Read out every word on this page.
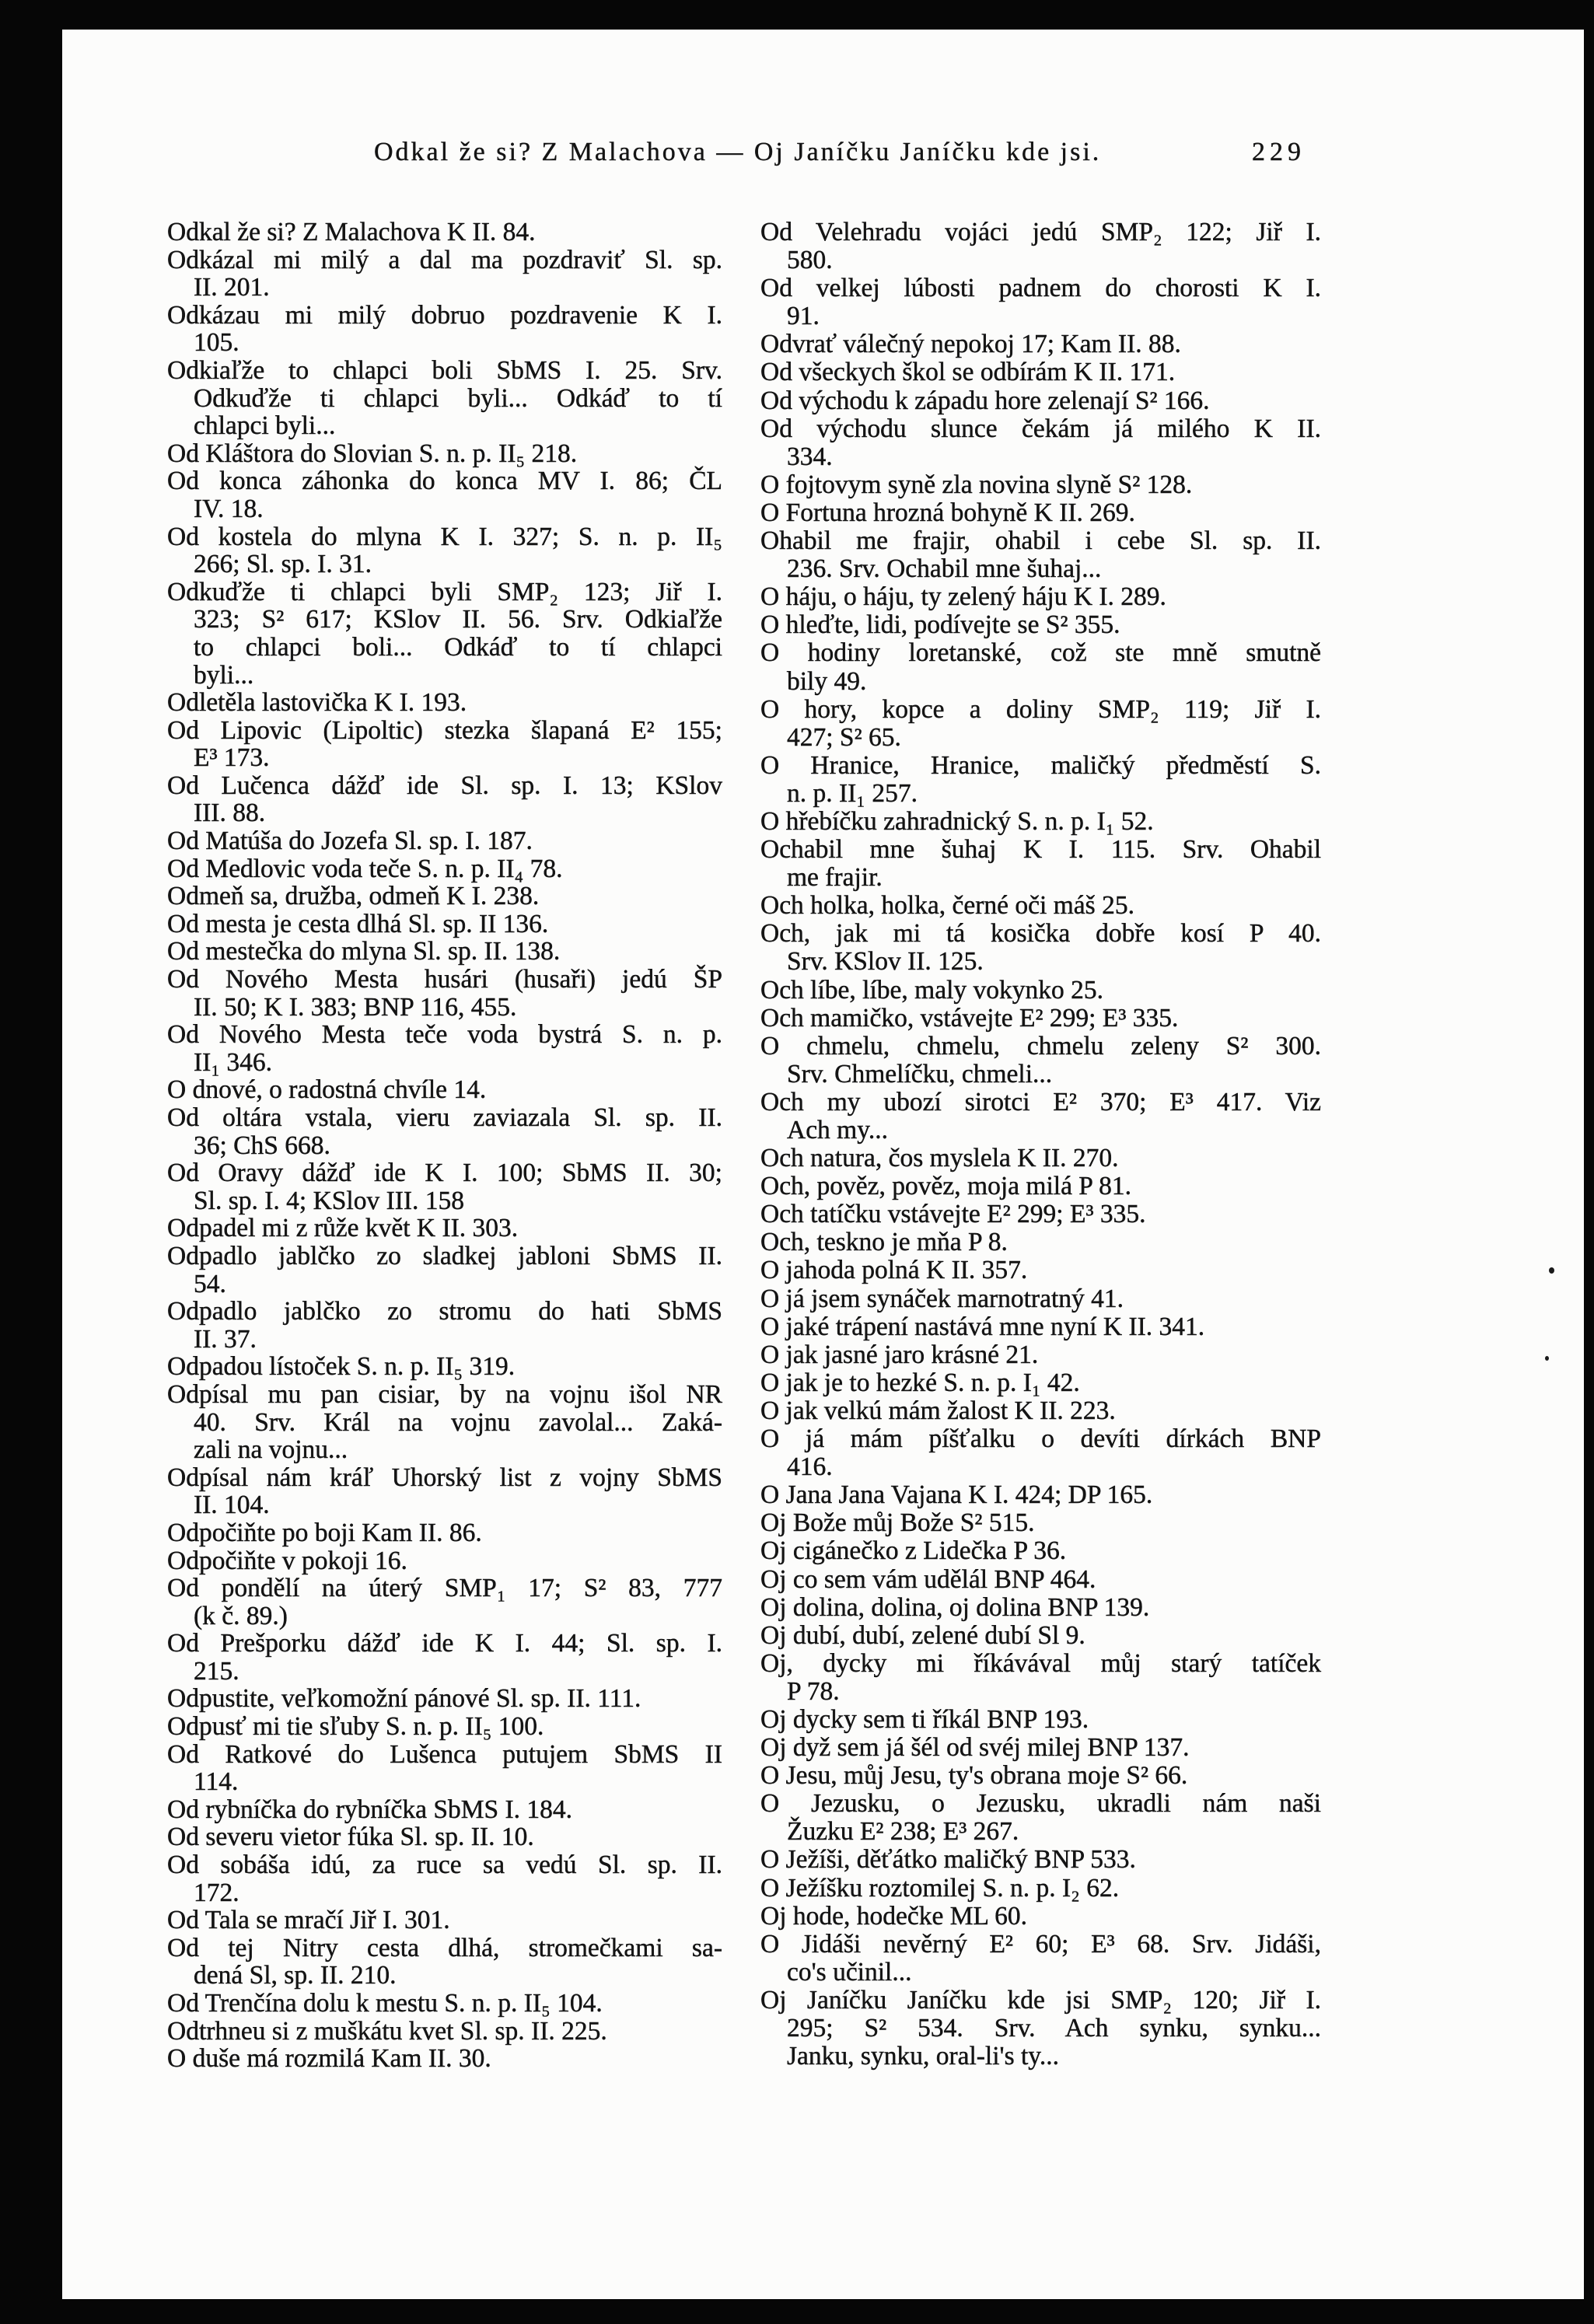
Odkal že si? Z Malachova — Oj Janíčku Janíčku kde jsi.	229
Odkal že si? Z Malachova K II. 84.
Odkázal mi milý a dal ma pozdraviť Sl. sp.
II. 201.
Odkázau mi milý dobruo pozdravenie K I.
105.
Odkiaľže to chlapci boli SbMS I. 25. Srv.
Odkuďže ti chlapci byli... Odkáď to tí
chlapci byli...
Od Kláštora do Slovian S. n. p. II₅ 218.
Od konca záhonka do konca MV I. 86; ČL
IV. 18.
Od kostela do mlyna K I. 327; S. n. p. II₅
266; Sl. sp. I. 31.
Odkuďže ti chlapci byli SMP₂ 123; Jiř I.
323; S² 617; KSlov II. 56. Srv. Odkiaľže
to chlapci boli... Odkáď to tí chlapci
byli...
Odletěla lastovička K I. 193.
Od Lipovic (Lipoltic) stezka šlapaná E² 155;
E³ 173.
Od Lučenca dážď ide Sl. sp. I. 13; KSlov
III. 88.
Od Matúša do Jozefa Sl. sp. I. 187.
Od Medlovic voda teče S. n. p. II₄ 78.
Odmeň sa, družba, odmeň K I. 238.
Od mesta je cesta dlhá Sl. sp. II 136.
Od mestečka do mlyna Sl. sp. II. 138.
Od Nového Mesta husári (husaři) jedú ŠP
II. 50; K I. 383; BNP 116, 455.
Od Nového Mesta teče voda bystrá S. n. p.
II₁ 346.
O dnové, o radostná chvíle 14.
Od oltára vstala, vieru zaviazala Sl. sp. II.
36; ChS 668.
Od Oravy dážď ide K I. 100; SbMS II. 30;
Sl. sp. I. 4; KSlov III. 158
Odpadel mi z růže květ K II. 303.
Odpadlo jablčko zo sladkej jabloni SbMS II.
54.
Odpadlo jablčko zo stromu do hati SbMS
II. 37.
Odpadou lístoček S. n. p. II₅ 319.
Odpísal mu pan cisiar, by na vojnu išol NR
40. Srv. Král na vojnu zavolal... Zaká-
zali na vojnu...
Odpísal nám kráľ Uhorský list z vojny SbMS
II. 104.
Odpočiňte po boji Kam II. 86.
Odpočiňte v pokoji 16.
Od pondělí na úterý SMP₁ 17; S² 83, 777
(k č. 89.)
Od Prešporku dážď ide K I. 44; Sl. sp. I.
215.
Odpustite, veľkomožní pánové Sl. sp. II. 111.
Odpusť mi tie sľuby S. n. p. II₅ 100.
Od Ratkové do Lušenca putujem SbMS II
114.
Od rybníčka do rybníčka SbMS I. 184.
Od severu vietor fúka Sl. sp. II. 10.
Od sobáša idú, za ruce sa vedú Sl. sp. II.
172.
Od Tala se mračí Jiř I. 301.
Od tej Nitry cesta dlhá, stromečkami sa-
dená Sl, sp. II. 210.
Od Trenčína dolu k mestu S. n. p. II₅ 104.
Odtrhneu si z muškátu kvet Sl. sp. II. 225.
O duše má rozmilá Kam II. 30.
Od Velehradu vojáci jedú SMP₂ 122; Jiř I.
580.
Od velkej lúbosti padnem do chorosti K I.
91.
Odvrať válečný nepokoj 17; Kam II. 88.
Od všeckych škol se odbírám K II. 171.
Od východu k západu hore zelenají S² 166.
Od východu slunce čekám já milého K II.
334.
O fojtovym syně zla novina slyně S² 128.
O Fortuna hrozná bohyně K II. 269.
Ohabil me frajir, ohabil i cebe Sl. sp. II.
236. Srv. Ochabil mne šuhaj...
O háju, o háju, ty zelený háju K I. 289.
O hleďte, lidi, podívejte se S² 355.
O hodiny loretanské, což ste mně smutně
bily 49.
O hory, kopce a doliny SMP₂ 119; Jiř I.
427; S² 65.
O Hranice, Hranice, maličký předměstí S.
n. p. II₁ 257.
O hřebíčku zahradnický S. n. p. I₁ 52.
Ochabil mne šuhaj K I. 115. Srv. Ohabil
me frajir.
Och holka, holka, černé oči máš 25.
Och, jak mi tá kosička dobře kosí P 40.
Srv. KSlov II. 125.
Och líbe, líbe, maly vokynko 25.
Och mamičko, vstávejte E² 299; E³ 335.
O chmelu, chmelu, chmelu zeleny S² 300.
Srv. Chmelíčku, chmeli...
Och my ubozí sirotci E² 370; E³ 417. Viz
Ach my...
Och natura, čos myslela K II. 270.
Och, pověz, pověz, moja milá P 81.
Och tatíčku vstávejte E² 299; E³ 335.
Och, teskno je mňa P 8.
O jahoda polná K II. 357.
O já jsem synáček marnotratný 41.
O jaké trápení nastává mne nyní K II. 341.
O jak jasné jaro krásné 21.
O jak je to hezké S. n. p. I₁ 42.
O jak velkú mám žalost K II. 223.
O já mám píšťalku o devíti dírkách BNP
416.
O Jana Jana Vajana K I. 424; DP 165.
Oj Bože můj Bože S² 515.
Oj cigánečko z Lidečka P 36.
Oj co sem vám udělál BNP 464.
Oj dolina, dolina, oj dolina BNP 139.
Oj dubí, dubí, zelené dubí Sl 9.
Oj, dycky mi říkávával můj starý tatíček
P 78.
Oj dycky sem ti říkál BNP 193.
Oj dyž sem já šél od svéj milej BNP 137.
O Jesu, můj Jesu, ty's obrana moje S² 66.
O Jezusku, o Jezusku, ukradli nám naši
Žuzku E² 238; E³ 267.
O Ježíši, děťátko maličký BNP 533.
O Ježíšku roztomilej S. n. p. I₂ 62.
Oj hode, hodečke ML 60.
O Jidáši nevěrný E² 60; E³ 68. Srv. Jidáši,
co's učinil...
Oj Janíčku Janíčku kde jsi SMP₂ 120; Jiř I.
295; S² 534. Srv. Ach synku, synku...
Janku, synku, oral-li's ty...
